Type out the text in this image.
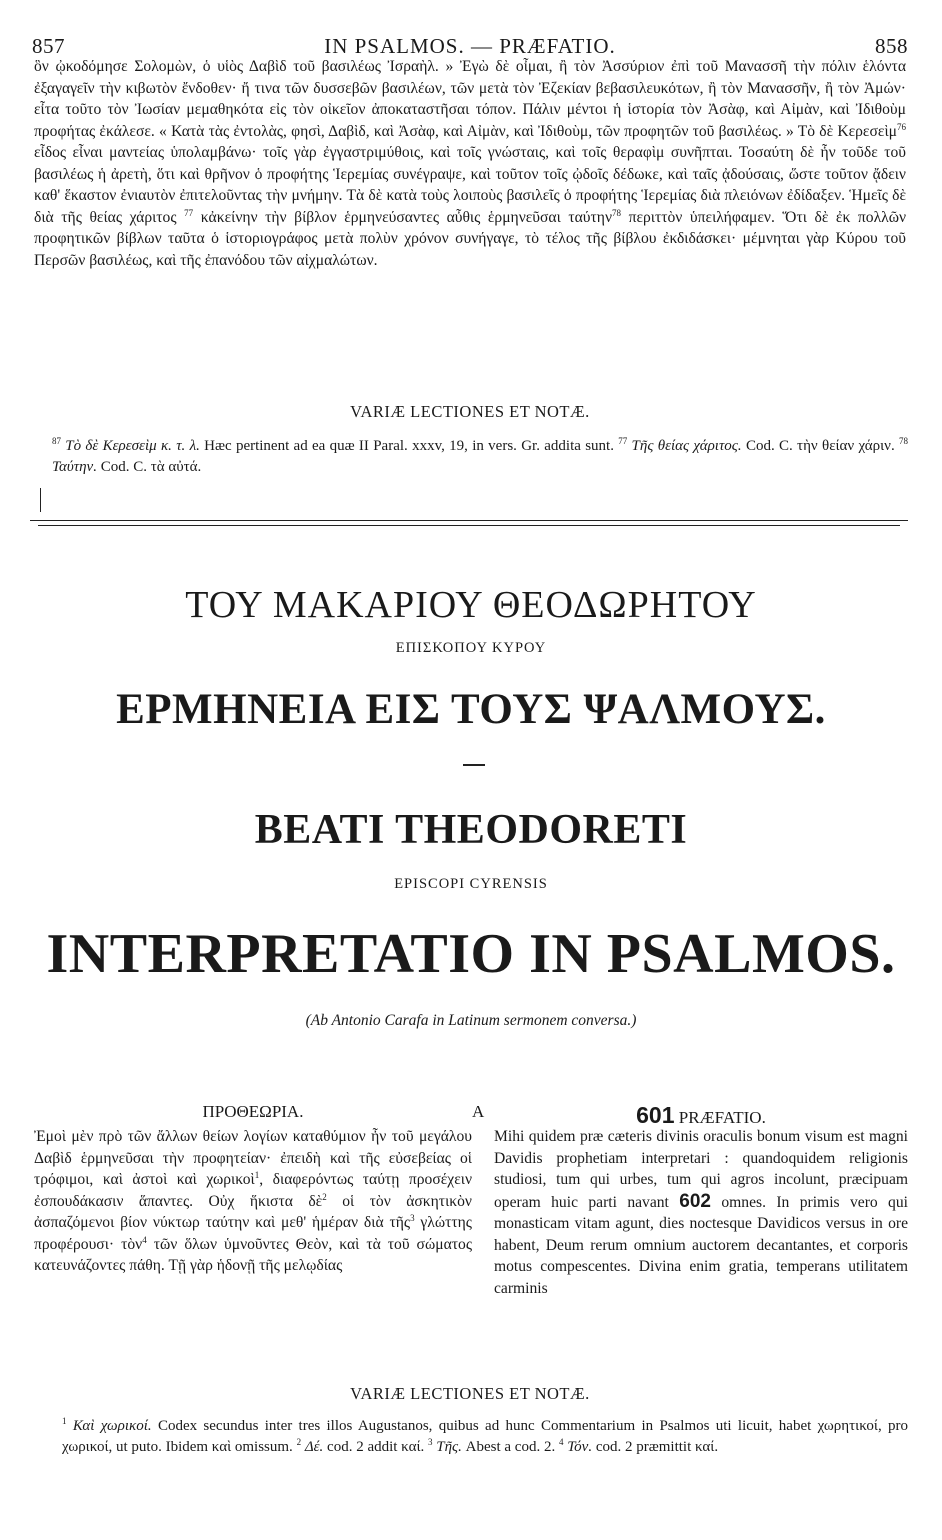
857	IN PSALMOS. — PRÆFATIO.	858
ὃν ᾠκοδόμησε Σολομὼν, ὁ υἱὸς Δαβὶδ τοῦ βασιλέως Ἰσραὴλ. » Ἐγὼ δὲ οἶμαι, ἢ τὸν Ἀσσύριον ἐπὶ τοῦ Μανασσῆ τὴν πόλιν ἑλόντα ἐξαγαγεῖν τὴν κιβωτὸν ἔνδοθεν· ἤ τινα τῶν δυσσεβῶν βασιλέων, τῶν μετὰ τὸν Ἐζεκίαν βεβασιλευκότων, ἢ τὸν Μανασσῆν, ἢ τὸν Ἀμών· εἶτα τοῦτο τὸν Ἰωσίαν μεμαθηκότα εἰς τὸν οἰκεῖον ἀποκαταστῆσαι τόπον. Πάλιν μέντοι ἡ ἱστορία τὸν Ἀσὰφ, καὶ Αἰμὰν, καὶ Ἰδιθοὺμ προφήτας ἐκάλεσε. « Κατὰ τὰς ἐντολὰς, φησὶ, Δαβὶδ, καὶ Ἀσὰφ, καὶ Αἰμὰν, καὶ Ἰδιθοὺμ, τῶν προφητῶν τοῦ βασιλέως. » Τὸ δὲ Κερεσεὶμ$^{76}$ εἶδος εἶναι μαντείας ὑπολαμβάνω· τοῖς γὰρ ἐγγαστριμύθοις, καὶ τοῖς γνώσταις, καὶ τοῖς θεραφὶμ συνῆπται. Τοσαύτη δὲ ἦν τοῦδε τοῦ βασιλέως ἡ ἀρετὴ, ὅτι καὶ θρῆνον ὁ προφήτης Ἱερεμίας συνέγραψε, καὶ τοῦτον τοῖς ᾠδοῖς δέδωκε, καὶ ταῖς ᾀδούσαις, ὥστε τοῦτον ᾄδειν καθ' ἕκαστον ἐνιαυτὸν ἐπιτελοῦντας τὴν μνήμην. Τὰ δὲ κατὰ τοὺς λοιποὺς βασιλεῖς ὁ προφήτης Ἱερεμίας διὰ πλειόνων ἐδίδαξεν. Ἡμεῖς δὲ διὰ τῆς θείας χάριτος $^{77}$ κἀκείνην τὴν βίβλον ἑρμηνεύσαντες αὖθις ἑρμηνεῦσαι ταύτην$^{78}$ περιττὸν ὑπειλήφαμεν. Ὅτι δὲ ἐκ πολλῶν προφητικῶν βίβλων ταῦτα ὁ ἱστοριογράφος μετὰ πολὺν χρόνον συνήγαγε, τὸ τέλος τῆς βίβλου ἐκδιδάσκει· μέμνηται γὰρ Κύρου τοῦ Περσῶν βασιλέως, καὶ τῆς ἐπανόδου τῶν αἰχμαλώτων.
VARIÆ LECTIONES ET NOTÆ.
$^{87}$ Τὸ δὲ Κερεσεὶμ κ. τ. λ. Hæc pertinent ad ea quæ II Paral. xxxv, 19, in vers. Gr. addita sunt. $^{77}$ Τῆς θείας χάριτος. Cod. C. τὴν θείαν χάριν. $^{78}$ Ταύτην. Cod. C. τὰ αὐτά.
ΤΟΥ ΜΑΚΑΡΙΟΥ ΘΕΟΔΩΡΗΤΟΥ
ΕΠΙΣΚΟΠΟΥ ΚΥΡΟΥ
ΕΡΜΗΝΕΙΑ ΕΙΣ ΤΟΥΣ ΨΑΛΜΟΥΣ.
BEATI THEODORETI
EPISCOPI CYRENSIS
INTERPRETATIO IN PSALMOS.
(Ab Antonio Carafa in Latinum sermonem conversa.)
ΠΡΟΘΕΩΡΙΑ.
Ἐμοὶ μὲν πρὸ τῶν ἄλλων θείων λογίων καταθύμιον ἦν τοῦ μεγάλου Δαβὶδ ἑρμηνεῦσαι τὴν προφητείαν· ἐπειδὴ καὶ τῆς εὐσεβείας οἱ τρόφιμοι, καὶ ἀστοὶ καὶ χωρικοὶ$^1$, διαφερόντως ταύτῃ προσέχειν ἐσπουδάκασιν ἅπαντες. Οὐχ ἥκιστα δὲ$^2$ οἱ τὸν ἀσκητικὸν ἀσπαζόμενοι βίον νύκτωρ ταύτην καὶ μεθ' ἡμέραν διὰ τῆς$^3$ γλώττης προφέρουσι· τὸν$^4$ τῶν ὅλων ὑμνοῦντες Θεὸν, καὶ τὰ τοῦ σώματος κατευνάζοντες πάθη. Τῇ γὰρ ἡδονῇ τῆς μελῳδίας
A	601 PRÆFATIO.
Mihi quidem præ cæteris divinis oraculis bonum visum est magni Davidis prophetiam interpretari : quandoquidem religionis studiosi, tum qui urbes, tum qui agros incolunt, præcipuam operam huic parti navant 602 omnes. In primis vero qui monasticam vitam agunt, dies noctesque Davidicos versus in ore habent, Deum rerum omnium auctorem decantantes, et corporis motus compescentes. Divina enim gratia, temperans utilitatem carminis
VARIÆ LECTIONES ET NOTÆ.
$^1$ Καὶ χωρικοί. Codex secundus inter tres illos Augustanos, quibus ad hunc Commentarium in Psalmos uti licuit, habet χωρητικοί, pro χωρικοί, ut puto. Ibidem καὶ omissum. $^2$ Δέ. cod. 2 addit καί. $^3$ Τῆς. Abest a cod. 2. $^4$ Τόν. cod. 2 præmittit καί.
